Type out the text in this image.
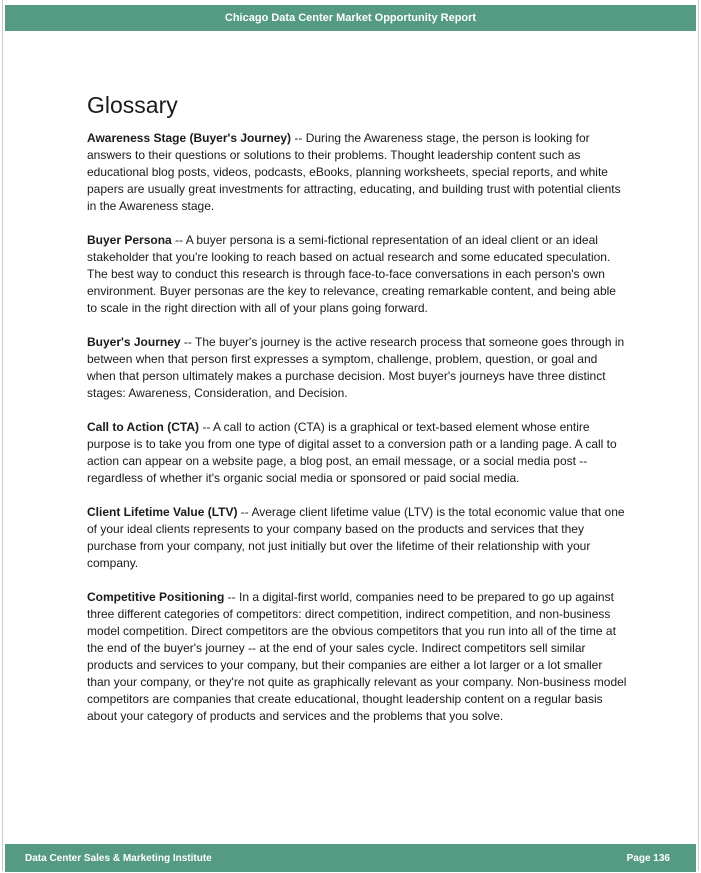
Chicago Data Center Market Opportunity Report
Glossary

Awareness Stage (Buyer's Journey) -- During the Awareness stage, the person is looking for answers to their questions or solutions to their problems. Thought leadership content such as educational blog posts, videos, podcasts, eBooks, planning worksheets, special reports, and white papers are usually great investments for attracting, educating, and building trust with potential clients in the Awareness stage.

Buyer Persona -- A buyer persona is a semi-fictional representation of an ideal client or an ideal stakeholder that you're looking to reach based on actual research and some educated speculation. The best way to conduct this research is through face-to-face conversations in each person's own environment. Buyer personas are the key to relevance, creating remarkable content, and being able to scale in the right direction with all of your plans going forward.

Buyer's Journey -- The buyer's journey is the active research process that someone goes through in between when that person first expresses a symptom, challenge, problem, question, or goal and when that person ultimately makes a purchase decision. Most buyer's journeys have three distinct stages: Awareness, Consideration, and Decision.

Call to Action (CTA) -- A call to action (CTA) is a graphical or text-based element whose entire purpose is to take you from one type of digital asset to a conversion path or a landing page. A call to action can appear on a website page, a blog post, an email message, or a social media post -- regardless of whether it's organic social media or sponsored or paid social media.

Client Lifetime Value (LTV) -- Average client lifetime value (LTV) is the total economic value that one of your ideal clients represents to your company based on the products and services that they purchase from your company, not just initially but over the lifetime of their relationship with your company.

Competitive Positioning -- In a digital-first world, companies need to be prepared to go up against three different categories of competitors: direct competition, indirect competition, and non-business model competition. Direct competitors are the obvious competitors that you run into all of the time at the end of the buyer's journey -- at the end of your sales cycle. Indirect competitors sell similar products and services to your company, but their companies are either a lot larger or a lot smaller than your company, or they're not quite as graphically relevant as your company. Non-business model competitors are companies that create educational, thought leadership content on a regular basis about your category of products and services and the problems that you solve.

Data Center Sales & Marketing Institute	Page 136
